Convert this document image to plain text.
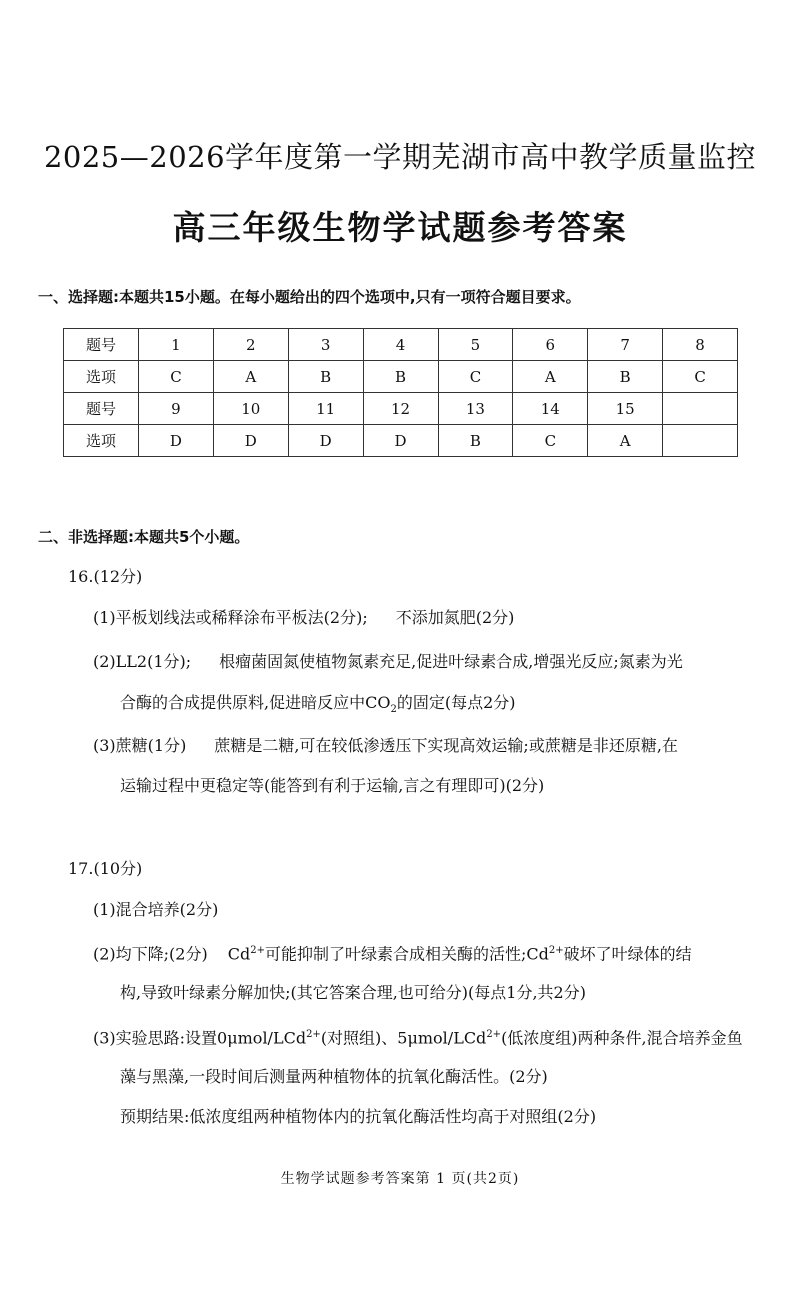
2025—2026学年度第一学期芜湖市高中教学质量监控
高三年级生物学试题参考答案
一、选择题:本题共15小题。在每小题给出的四个选项中,只有一项符合题目要求。
题号	1	2	3	4	5	6	7	8
选项	C	A	B	B	C	A	B	C
题号	9	10	11	12	13	14	15	
选项	D	D	D	D	B	C	A	
二、非选择题:本题共5个小题。
16.(12分)
(1)平板划线法或稀释涂布平板法(2分); 不添加氮肥(2分)
(2)LL2(1分); 根瘤菌固氮使植物氮素充足,促进叶绿素合成,增强光反应;氮素为光
合酶的合成提供原料,促进暗反应中$CO_2$的固定(每点2分)
(3)蔗糖(1分) 蔗糖是二糖,可在较低渗透压下实现高效运输;或蔗糖是非还原糖,在
运输过程中更稳定等(能答到有利于运输,言之有理即可)(2分)
17.(10分)
(1)混合培养(2分)
(2)均下降;(2分) $Cd^{2+}$可能抑制了叶绿素合成相关酶的活性$;Cd^{2+}$破坏了叶绿体的结
构,导致叶绿素分解加快;(其它答案合理,也可给分)(每点1分,共2分)
(3)实验思路:设置0μmol/LCd$^{2+}$(对照组)、5μmol/LCd$^{2+}$(低浓度组)两种条件,混合培养金鱼
藻与黑藻,一段时间后测量两种植物体的抗氧化酶活性。(2分)
预期结果:低浓度组两种植物体内的抗氧化酶活性均高于对照组(2分)
生物学试题参考答案第 1 页(共2页)
